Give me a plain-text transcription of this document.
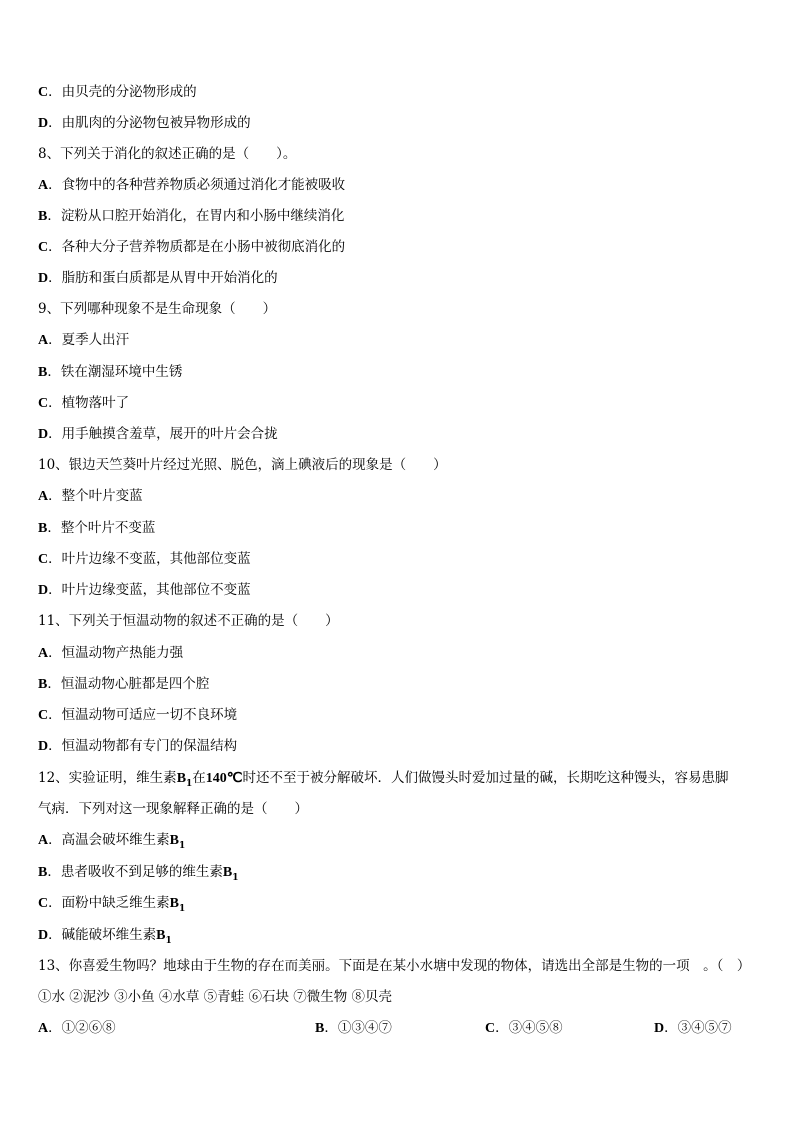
C．由贝壳的分泌物形成的
D．由肌肉的分泌物包被异物形成的
8、下列关于消化的叙述正确的是（　　）。
A．食物中的各种营养物质必须通过消化才能被吸收
B．淀粉从口腔开始消化，在胃内和小肠中继续消化
C．各种大分子营养物质都是在小肠中被彻底消化的
D．脂肪和蛋白质都是从胃中开始消化的
9、下列哪种现象不是生命现象（　　）
A．夏季人出汗
B．铁在潮湿环境中生锈
C．植物落叶了
D．用手触摸含羞草，展开的叶片会合拢
10、银边天竺葵叶片经过光照、脱色，滴上碘液后的现象是（　　）
A．整个叶片变蓝
B．整个叶片不变蓝
C．叶片边缘不变蓝，其他部位变蓝
D．叶片边缘变蓝，其他部位不变蓝
11、下列关于恒温动物的叙述不正确的是（　　）
A．恒温动物产热能力强
B．恒温动物心脏都是四个腔
C．恒温动物可适应一切不良环境
D．恒温动物都有专门的保温结构
12、实验证明，维生素$B_1$在140℃时还不至于被分解破坏．人们做馒头时爱加过量的碱，长期吃这种馒头，容易患脚
气病．下列对这一现象解释正确的是（　　）
A．高温会破坏维生素$B_1$
B．患者吸收不到足够的维生素$B_1$
C．面粉中缺乏维生素$B_1$
D．碱能破坏维生素$B_1$
13、你喜爱生物吗？地球由于生物的存在而美丽。下面是在某小水塘中发现的物体，请选出全部是生物的一项　。（　）
①水 ②泥沙 ③小鱼 ④水草 ⑤青蛙 ⑥石块 ⑦微生物 ⑧贝壳
A．①②⑥⑧	B．①③④⑦	C．③④⑤⑧	D．③④⑤⑦
